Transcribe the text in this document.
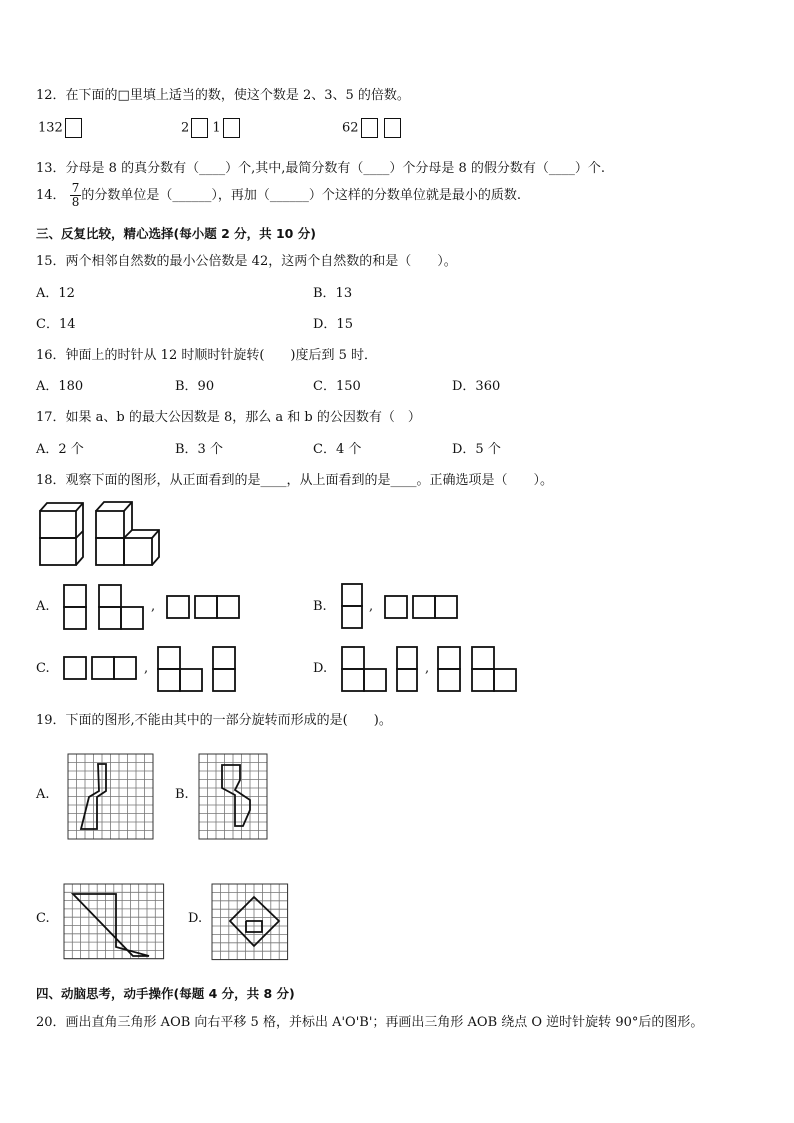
12．在下面的□里填上适当的数，使这个数是 2、3、5 的倍数。
132	2 1	62
13．分母是 8 的真分数有（____）个,其中,最简分数有（____）个分母是 8 的假分数有（____）个.
14． $\frac{7}{8}$ 的分数单位是（______），再加（______）个这样的分数单位就是最小的质数.
三、反复比较，精心选择(每小题 2 分，共 10 分)
15．两个相邻自然数的最小公倍数是 42，这两个自然数的和是（　　）。
A．12	B．13
C．14	D．15
16．钟面上的时针从 12 时顺时针旋转(　　)度后到 5 时．
A．180	B．90	C．150	D．360
17．如果 a、b 的最大公因数是 8，那么 a 和 b 的公因数有（　）
A．2 个	B．3 个	C．4 个	D．5 个
18．观察下面的图形，从正面看到的是____，从上面看到的是____。正确选项是（　　）。
A.	,	B.	,
C.	,	D.	,
19．下面的图形,不能由其中的一部分旋转而形成的是(　　)。
A.	B.
C.	D.
四、动脑思考，动手操作(每题 4 分，共 8 分)
20．画出直角三角形 AOB 向右平移 5 格，并标出 A'O'B'；再画出三角形 AOB 绕点 O 逆时针旋转 90°后的图形。
